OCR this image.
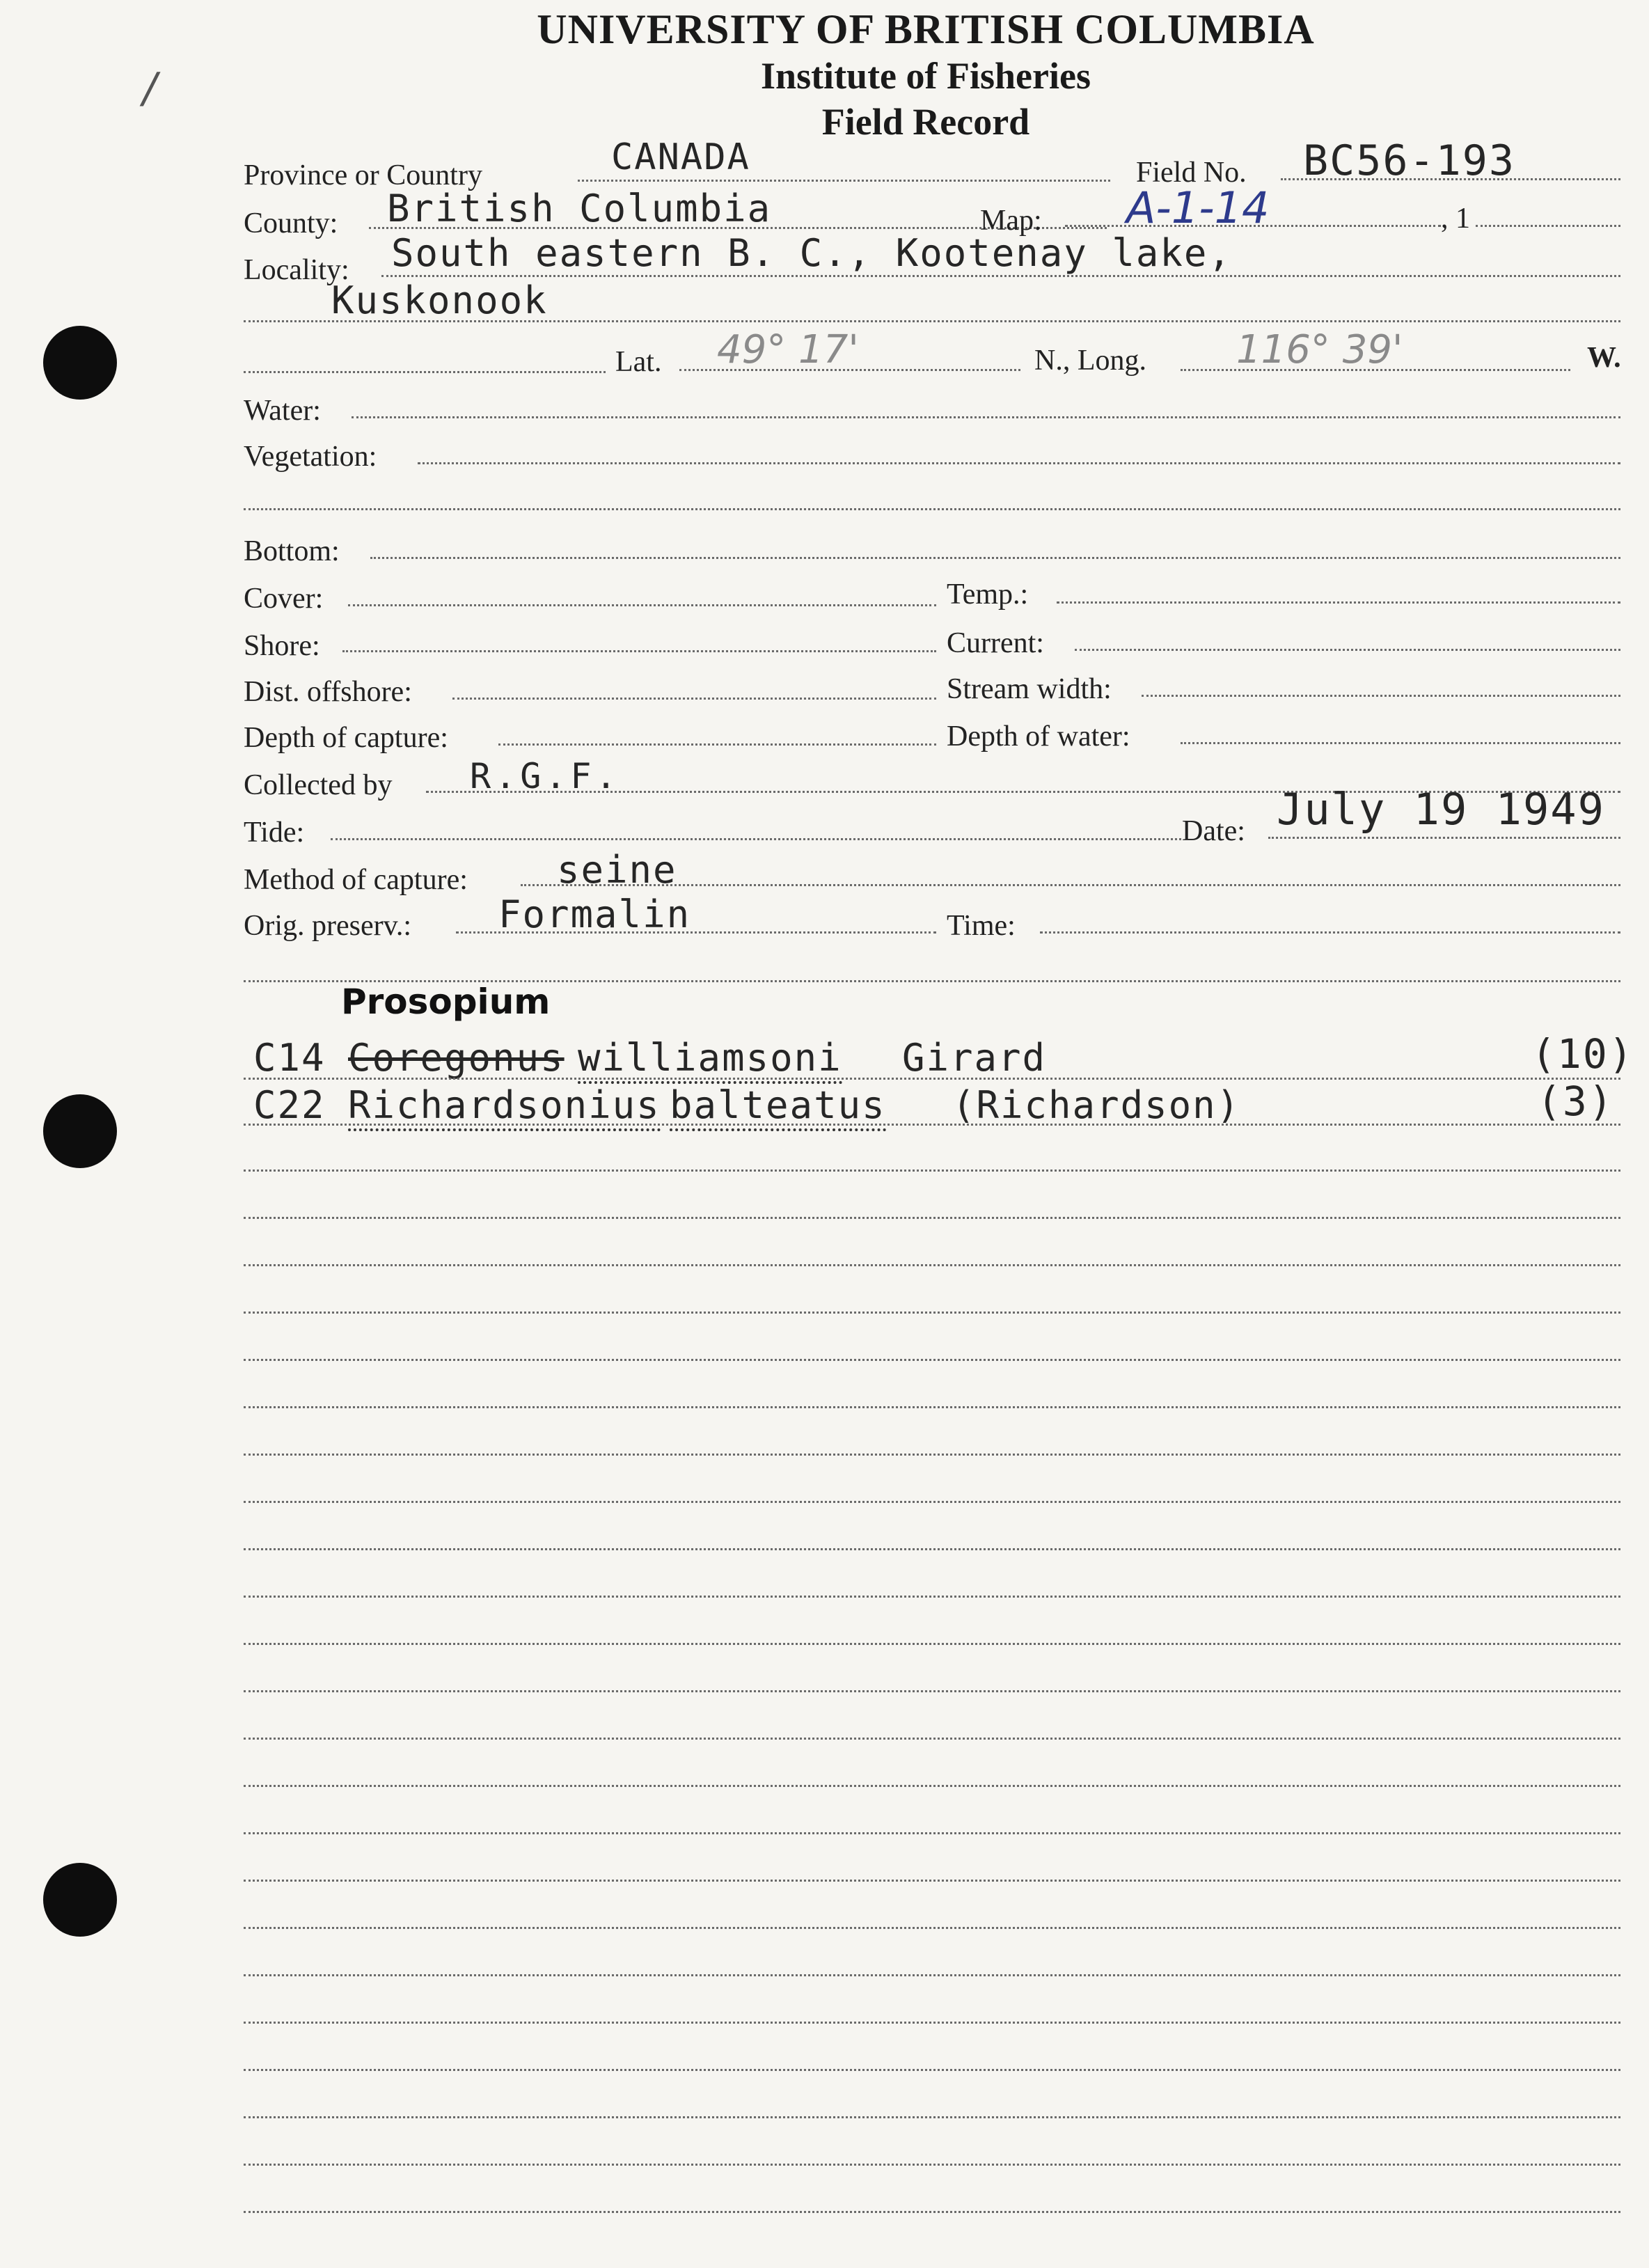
/
UNIVERSITY OF BRITISH COLUMBIA
Institute of Fisheries
Field Record
Province or Country	CANADA	Field No. BC56-193
County: British Columbia	Map: A-1-14	, 1
Locality: South eastern B. C., Kootenay lake,
Kuskonook
Lat. 49° 17'	N., Long. 116° 39'	W.
Water:
Vegetation:
Bottom:
Cover:	Temp.:
Shore:	Current:
Dist. offshore:	Stream width:
Depth of capture:	Depth of water:
Collected by R.G.F.
Tide:	Date: July 19 1949
Method of capture: seine
Orig. preserv.: Formalin	Time:
Prosopium
C14 Coregonus williamsoni Girard	(10)
C22 Richardsonius balteatus (Richardson)	(3)
